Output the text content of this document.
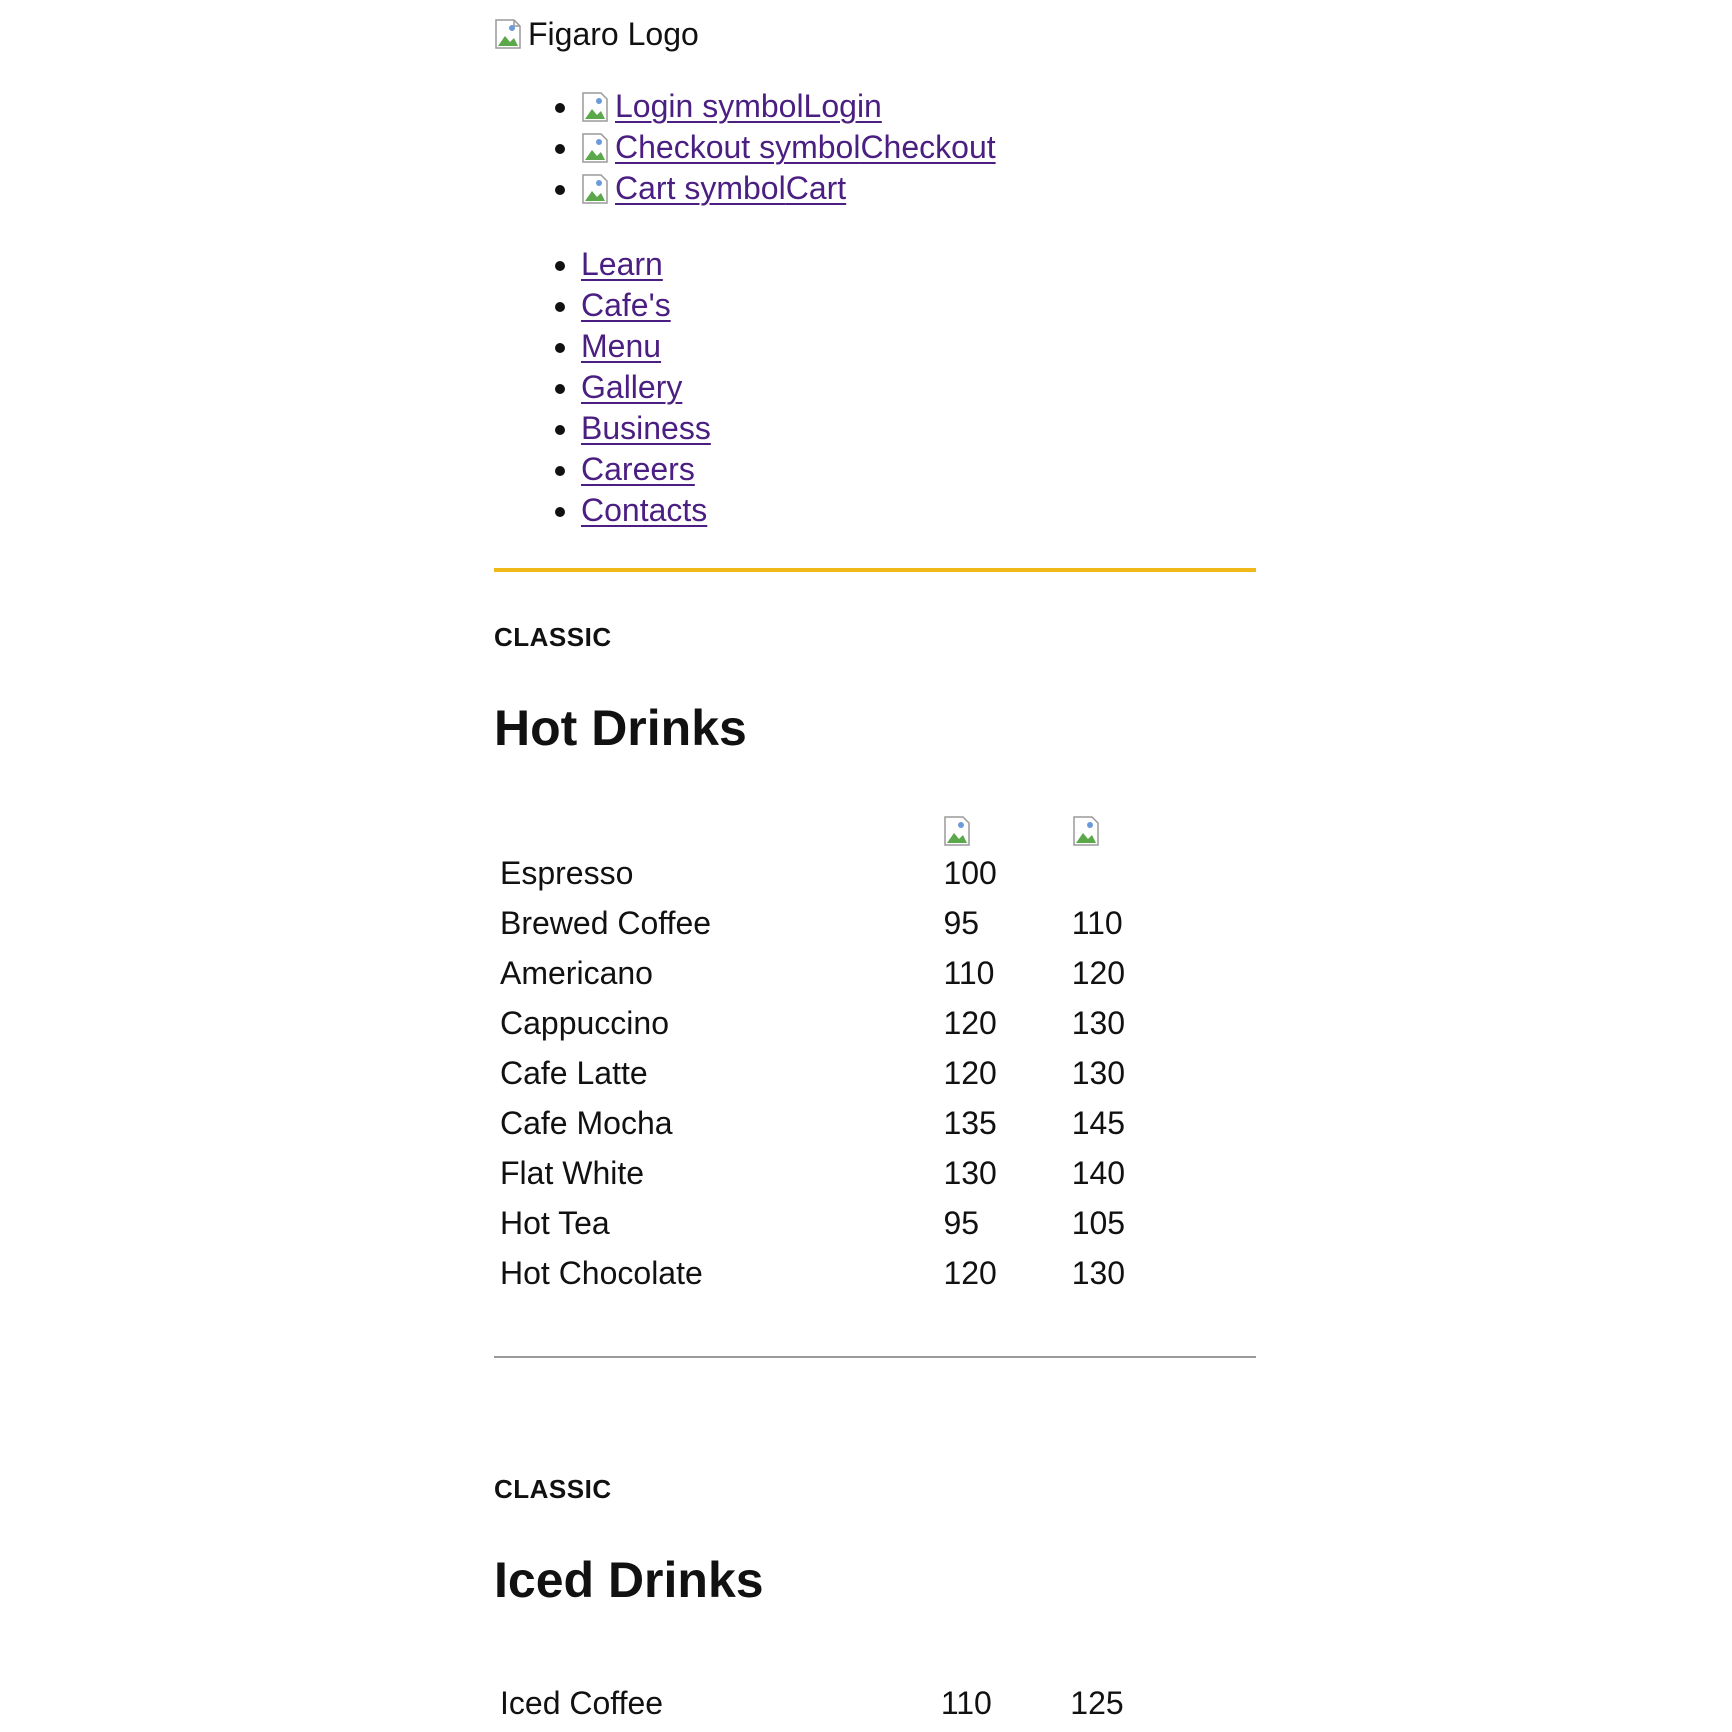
Figaro Logo
•
Login symbolLogin
•
Checkout symbolCheckout
•
Cart symbolCart
• Learn
• Cafe's
• Menu
• Gallery
• Business
• Careers
• Contacts
CLASSIC
Hot Drinks

Espresso	100	
Brewed Coffee	95	110
Americano	110	120
Cappuccino	120	130
Cafe Latte	120	130
Cafe Mocha	135	145
Flat White	130	140
Hot Tea	95	105
Hot Chocolate	120	130
CLASSIC
Iced Drinks
Iced Coffee	110	125
